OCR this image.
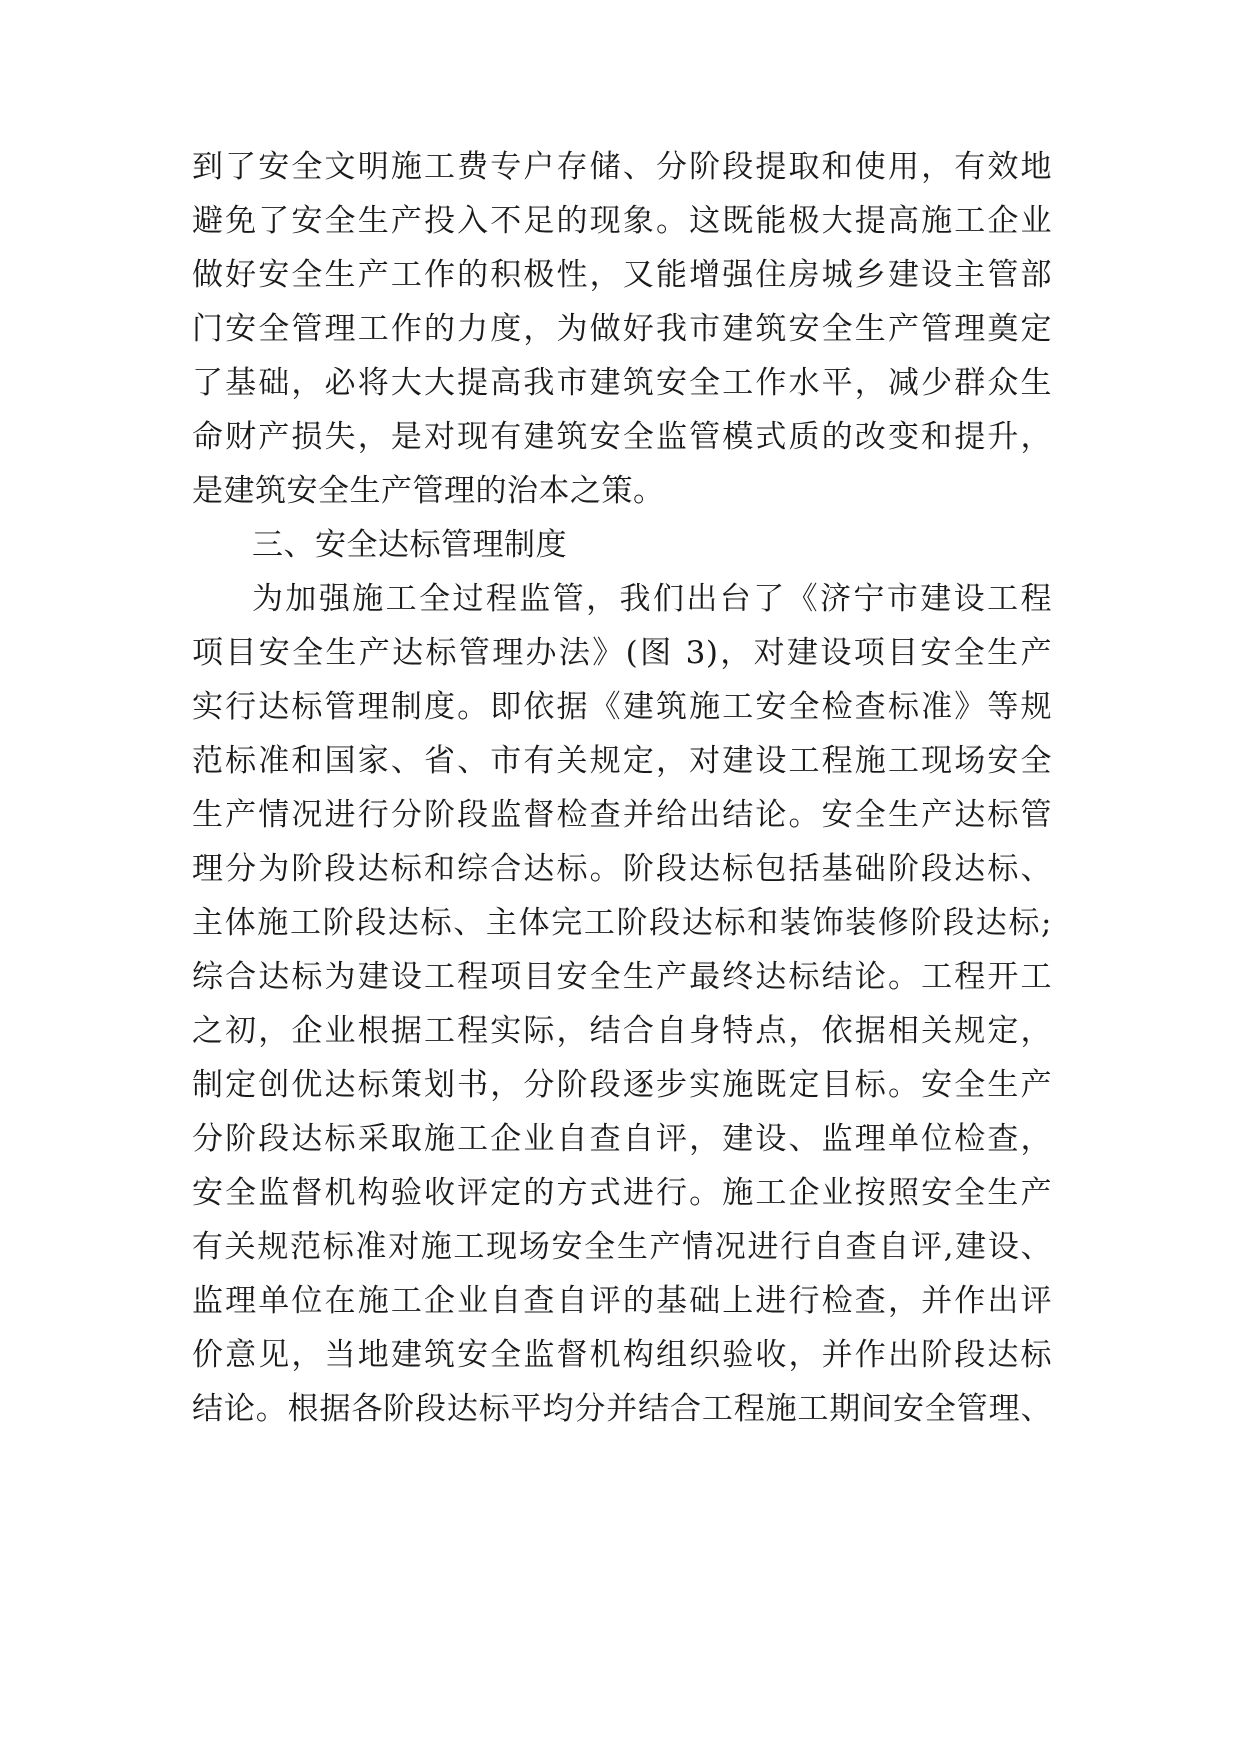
到了安全文明施工费专户存储、分阶段提取和使用，有效地
避免了安全生产投入不足的现象。这既能极大提高施工企业
做好安全生产工作的积极性，又能增强住房城乡建设主管部
门安全管理工作的力度，为做好我市建筑安全生产管理奠定
了基础，必将大大提高我市建筑安全工作水平，减少群众生
命财产损失，是对现有建筑安全监管模式质的改变和提升，
是建筑安全生产管理的治本之策。
三、安全达标管理制度
为加强施工全过程监管，我们出台了《济宁市建设工程
项目安全生产达标管理办法》(图 3)，对建设项目安全生产
实行达标管理制度。即依据《建筑施工安全检查标准》等规
范标准和国家、省、市有关规定，对建设工程施工现场安全
生产情况进行分阶段监督检查并给出结论。安全生产达标管
理分为阶段达标和综合达标。阶段达标包括基础阶段达标、
主体施工阶段达标、主体完工阶段达标和装饰装修阶段达标;
综合达标为建设工程项目安全生产最终达标结论。工程开工
之初，企业根据工程实际，结合自身特点，依据相关规定，
制定创优达标策划书，分阶段逐步实施既定目标。安全生产
分阶段达标采取施工企业自查自评，建设、监理单位检查，
安全监督机构验收评定的方式进行。施工企业按照安全生产
有关规范标准对施工现场安全生产情况进行自查自评,建设、
监理单位在施工企业自查自评的基础上进行检查，并作出评
价意见，当地建筑安全监督机构组织验收，并作出阶段达标
结论。根据各阶段达标平均分并结合工程施工期间安全管理、
